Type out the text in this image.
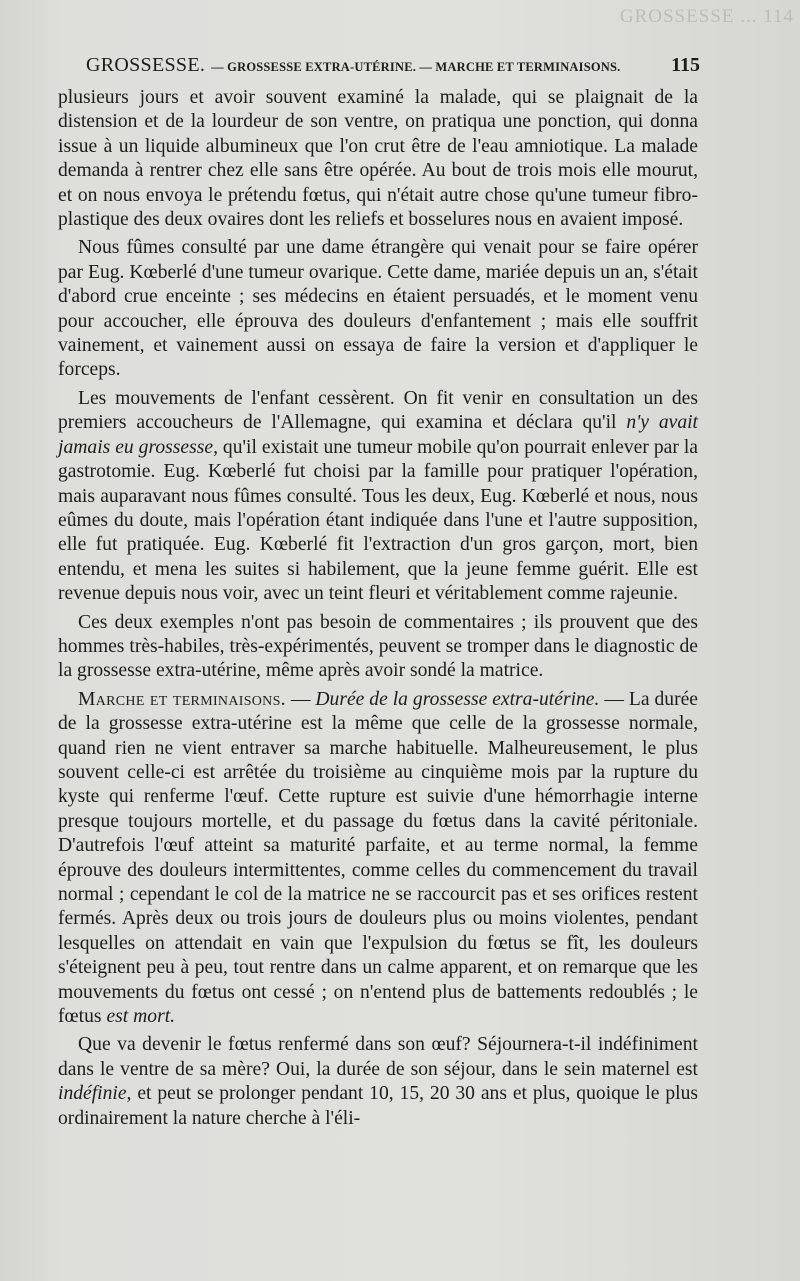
GROSSESSE ... 114
GROSSESSE. — GROSSESSE EXTRA-UTÉRINE. — MARCHE ET TERMINAISONS.	115

plusieurs jours et avoir souvent examiné la malade, qui se plaignait de la distension et de la lourdeur de son ventre, on pratiqua une ponction, qui donna issue à un liquide albumineux que l'on crut être de l'eau amniotique. La malade demanda à rentrer chez elle sans être opérée. Au bout de trois mois elle mourut, et on nous envoya le prétendu fœtus, qui n'était autre chose qu'une tumeur fibro-plastique des deux ovaires dont les reliefs et bosselures nous en avaient imposé.

Nous fûmes consulté par une dame étrangère qui venait pour se faire opérer par Eug. Kœberlé d'une tumeur ovarique. Cette dame, mariée depuis un an, s'était d'abord crue enceinte ; ses médecins en étaient persuadés, et le moment venu pour accoucher, elle éprouva des douleurs d'enfantement ; mais elle souffrit vainement, et vainement aussi on essaya de faire la version et d'appliquer le forceps.

Les mouvements de l'enfant cessèrent. On fit venir en consultation un des premiers accoucheurs de l'Allemagne, qui examina et déclara qu'il n'y avait jamais eu grossesse, qu'il existait une tumeur mobile qu'on pourrait enlever par la gastrotomie. Eug. Kœberlé fut choisi par la famille pour pratiquer l'opération, mais auparavant nous fûmes consulté. Tous les deux, Eug. Kœberlé et nous, nous eûmes du doute, mais l'opération étant indiquée dans l'une et l'autre supposition, elle fut pratiquée. Eug. Kœberlé fit l'extraction d'un gros garçon, mort, bien entendu, et mena les suites si habilement, que la jeune femme guérit. Elle est revenue depuis nous voir, avec un teint fleuri et véritablement comme rajeunie.

Ces deux exemples n'ont pas besoin de commentaires ; ils prouvent que des hommes très-habiles, très-expérimentés, peuvent se tromper dans le diagnostic de la grossesse extra-utérine, même après avoir sondé la matrice.

Marche et terminaisons. — Durée de la grossesse extra-utérine. — La durée de la grossesse extra-utérine est la même que celle de la grossesse normale, quand rien ne vient entraver sa marche habituelle. Malheureusement, le plus souvent celle-ci est arrêtée du troisième au cinquième mois par la rupture du kyste qui renferme l'œuf. Cette rupture est suivie d'une hémorrhagie interne presque toujours mortelle, et du passage du fœtus dans la cavité péritoniale. D'autrefois l'œuf atteint sa maturité parfaite, et au terme normal, la femme éprouve des douleurs intermittentes, comme celles du commencement du travail normal ; cependant le col de la matrice ne se raccourcit pas et ses orifices restent fermés. Après deux ou trois jours de douleurs plus ou moins violentes, pendant lesquelles on attendait en vain que l'expulsion du fœtus se fît, les douleurs s'éteignent peu à peu, tout rentre dans un calme apparent, et on remarque que les mouvements du fœtus ont cessé ; on n'entend plus de battements redoublés ; le fœtus est mort.

Que va devenir le fœtus renfermé dans son œuf? Séjournera-t-il indéfiniment dans le ventre de sa mère? Oui, la durée de son séjour, dans le sein maternel est indéfinie, et peut se prolonger pendant 10, 15, 20 30 ans et plus, quoique le plus ordinairement la nature cherche à l'éli-
